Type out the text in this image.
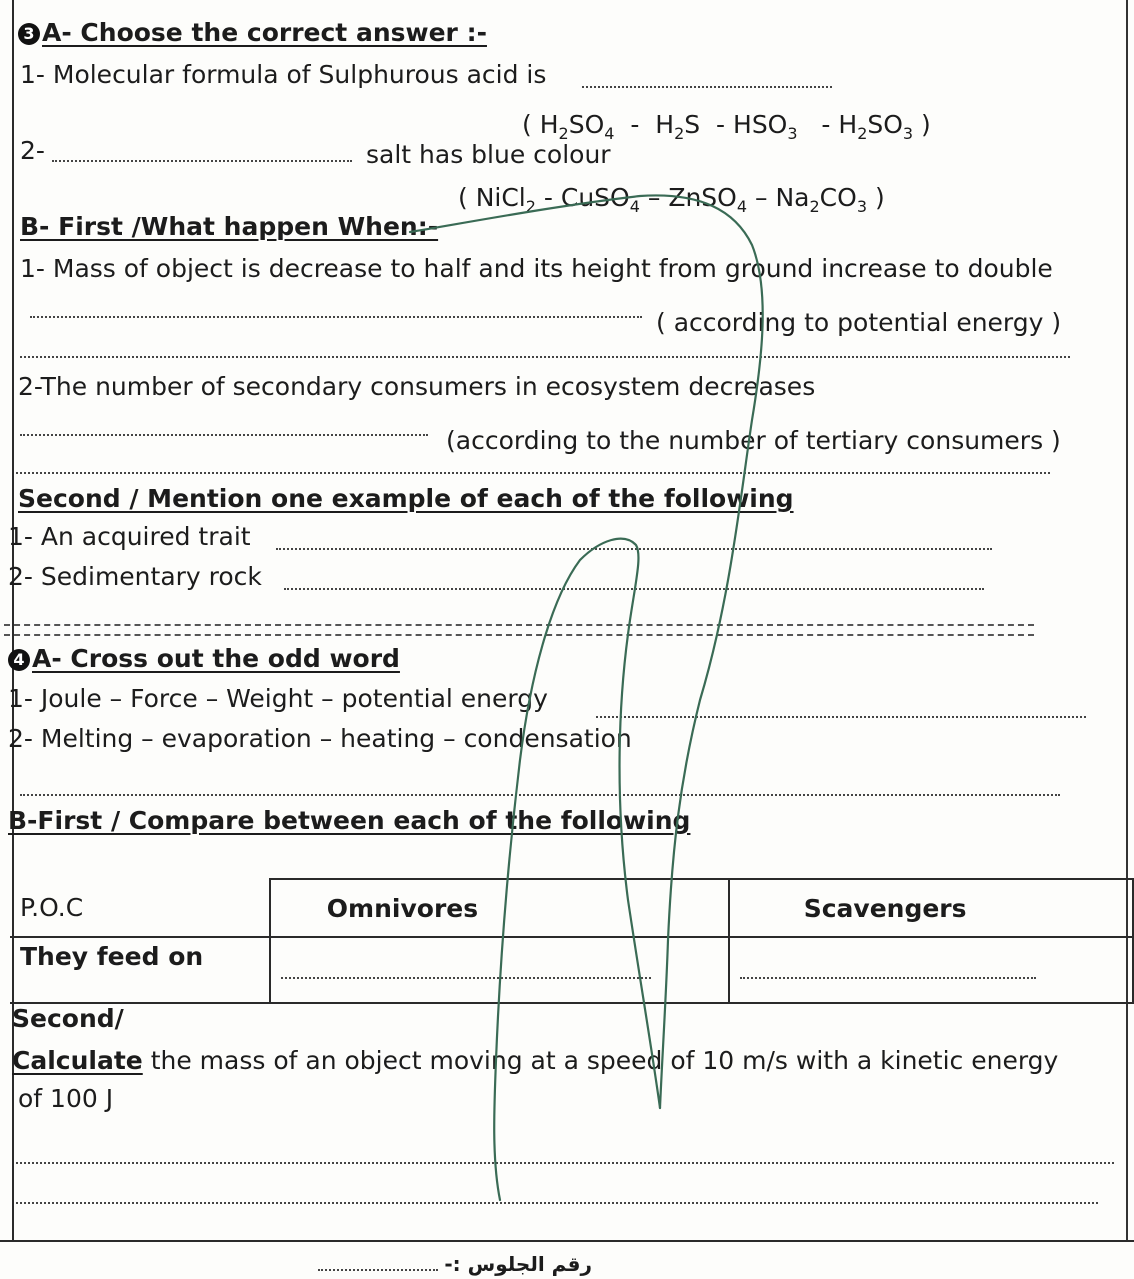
3 A- Choose the correct answer :-
1- Molecular formula of Sulphurous acid is
( $H_2SO_4 - H_2S - HSO_3 - H_2SO_3$ )
2-	salt has blue colour
( NiCl$_2$ - CuSO$_4$ – ZnSO$_4$ – $Na_2CO_3$ )
B- First /What happen When:-
1- Mass of object is decrease to half and its height from ground increase to double
( according to potential energy )
2-The number of secondary consumers in ecosystem decreases
(according to the number of tertiary consumers )
Second / Mention one example of each of the following
1- An acquired trait
2- Sedimentary rock
4 A- Cross out the odd word
1- Joule – Force – Weight – potential energy
2- Melting – evaporation – heating – condensation
B-First / Compare between each of the following
P.O.C	Omnivores	Scavengers
They feed on		
Second/
Calculate the mass of an object moving at a speed of 10 m/s with a kinetic energy
of 100 J
رقم الجلوس :-
